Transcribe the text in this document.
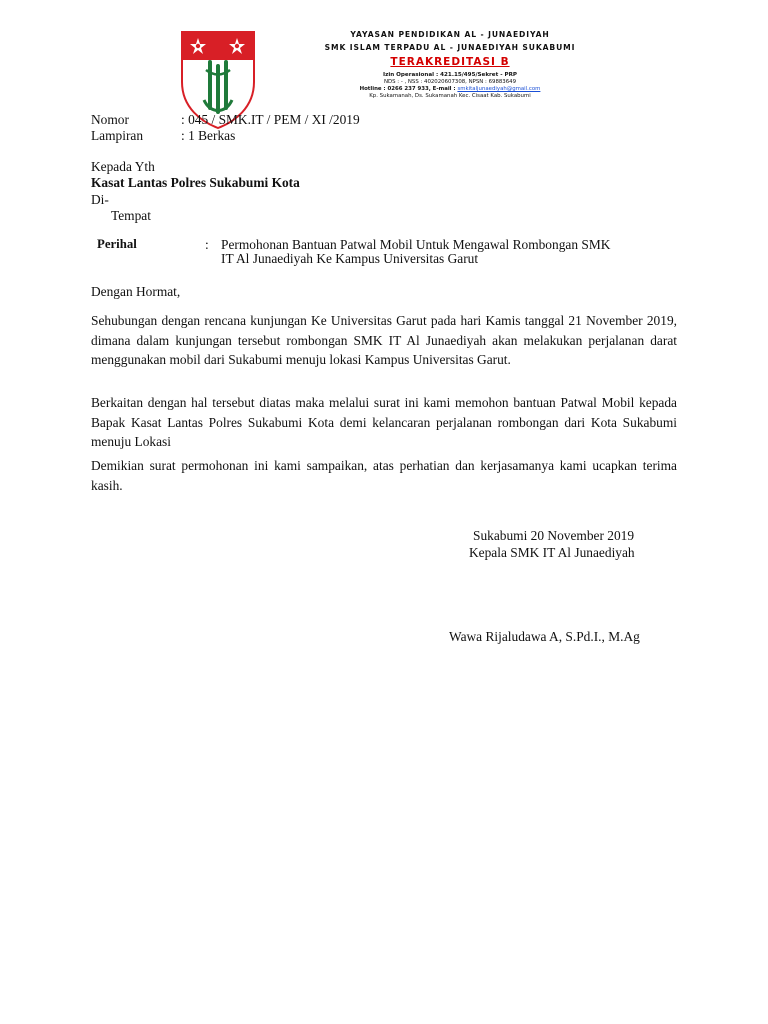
YAYASAN PENDIDIKAN AL - JUNAEDIYAH
SMK ISLAM TERPADU AL - JUNAEDIYAH SUKABUMI
TERAKREDITASI B
Izin Operasional : 421.15/495/Sekret - PRP
NDS : - , NSS : 402020607308, NPSN : 69883649
Hotline : 0266 237 933, E-mail : smkitaljunaediyah@gmail.com
Kp. Sukamanah, Ds. Sukamanah Kec. Cisaat Kab. Sukabumi
Nomor	: 045 / SMK.IT / PEM / XI /2019
Lampiran	: 1 Berkas
Kepada Yth
Kasat Lantas Polres Sukabumi Kota
Di-
Tempat
Perihal	: Permohonan Bantuan Patwal Mobil Untuk Mengawal Rombongan SMK
IT Al Junaediyah Ke Kampus Universitas Garut
Dengan Hormat,
Sehubungan dengan rencana kunjungan Ke Universitas Garut pada hari Kamis tanggal 21 November 2019, dimana dalam kunjungan tersebut rombongan SMK IT Al Junaediyah akan melakukan perjalanan darat menggunakan mobil dari Sukabumi menuju lokasi Kampus Universitas Garut.
Berkaitan dengan hal tersebut diatas maka melalui surat ini kami memohon bantuan Patwal Mobil kepada Bapak Kasat Lantas Polres Sukabumi Kota demi kelancaran perjalanan rombongan dari Kota Sukabumi menuju Lokasi
Demikian surat permohonan ini kami sampaikan, atas perhatian dan kerjasamanya kami ucapkan terima kasih.
Sukabumi 20 November 2019
Kepala SMK IT Al Junaediyah
Wawa Rijaludawa A, S.Pd.I., M.Ag
